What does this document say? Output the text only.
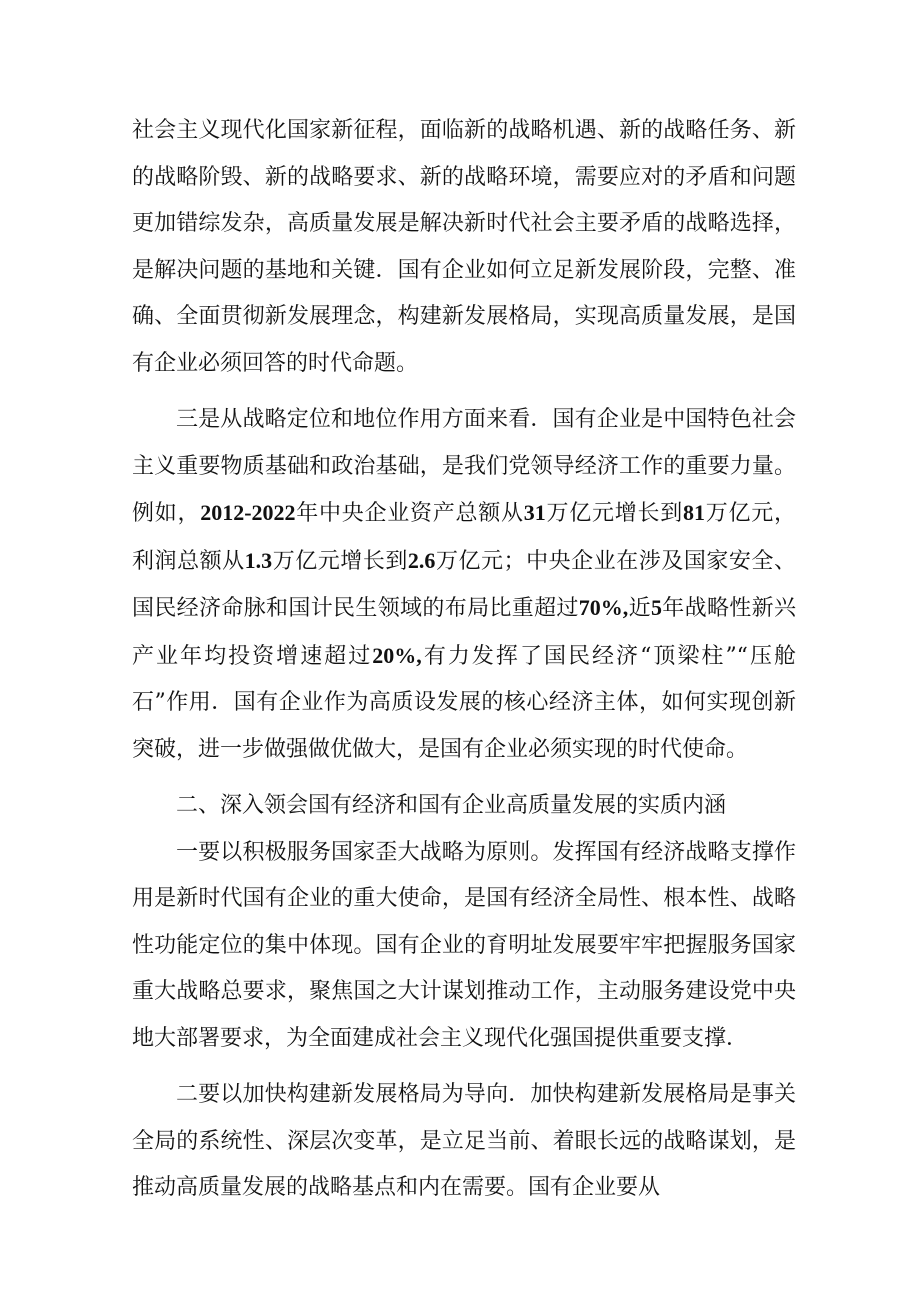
社会主义现代化国家新征程，面临新的战略机遇、新的战略任务、新的战略阶毁、新的战略要求、新的战略环境，需要应对的矛盾和问题更加错综发杂，高质量发展是解决新时代社会主要矛盾的战略选择，是解决问题的基地和关键．国有企业如何立足新发展阶段，完整、准确、全面贯彻新发展理念，构建新发展格局，实现高质量发展，是国有企业必须回答的时代命题。

三是从战略定位和地位作用方面来看．国有企业是中国特色社会主义重要物质基础和政治基础，是我们党领导经济工作的重要力量。例如，2012-2022年中央企业资产总额从31万亿元增长到81万亿元，利润总额从1.3万亿元增长到2.6万亿元；中央企业在涉及国家安全、国民经济命脉和国计民生领域的布局比重超过70%,近5年战略性新兴产业年均投资增速超过20%,有力发挥了国民经济“顶梁柱”“压舱石”作用．国有企业作为高质设发展的核心经济主体，如何实现创新突破，进一步做强做优做大，是国有企业必须实现的时代使命。

二、深入领会国有经济和国有企业高质量发展的实质内涵

一要以积极服务国家歪大战略为原则。发挥国有经济战略支撑作用是新时代国有企业的重大使命，是国有经济全局性、根本性、战略性功能定位的集中体现。国有企业的育明址发展要牢牢把握服务国家重大战略总要求，聚焦国之大计谋划推动工作，主动服务建设党中央地大部署要求，为全面建成社会主义现代化强国提供重要支撑．

二要以加快构建新发展格局为导向．加快构建新发展格局是事关全局的系统性、深层次变革，是立足当前、着眼长远的战略谋划，是推动高质量发展的战略基点和内在需要。国有企业要从
